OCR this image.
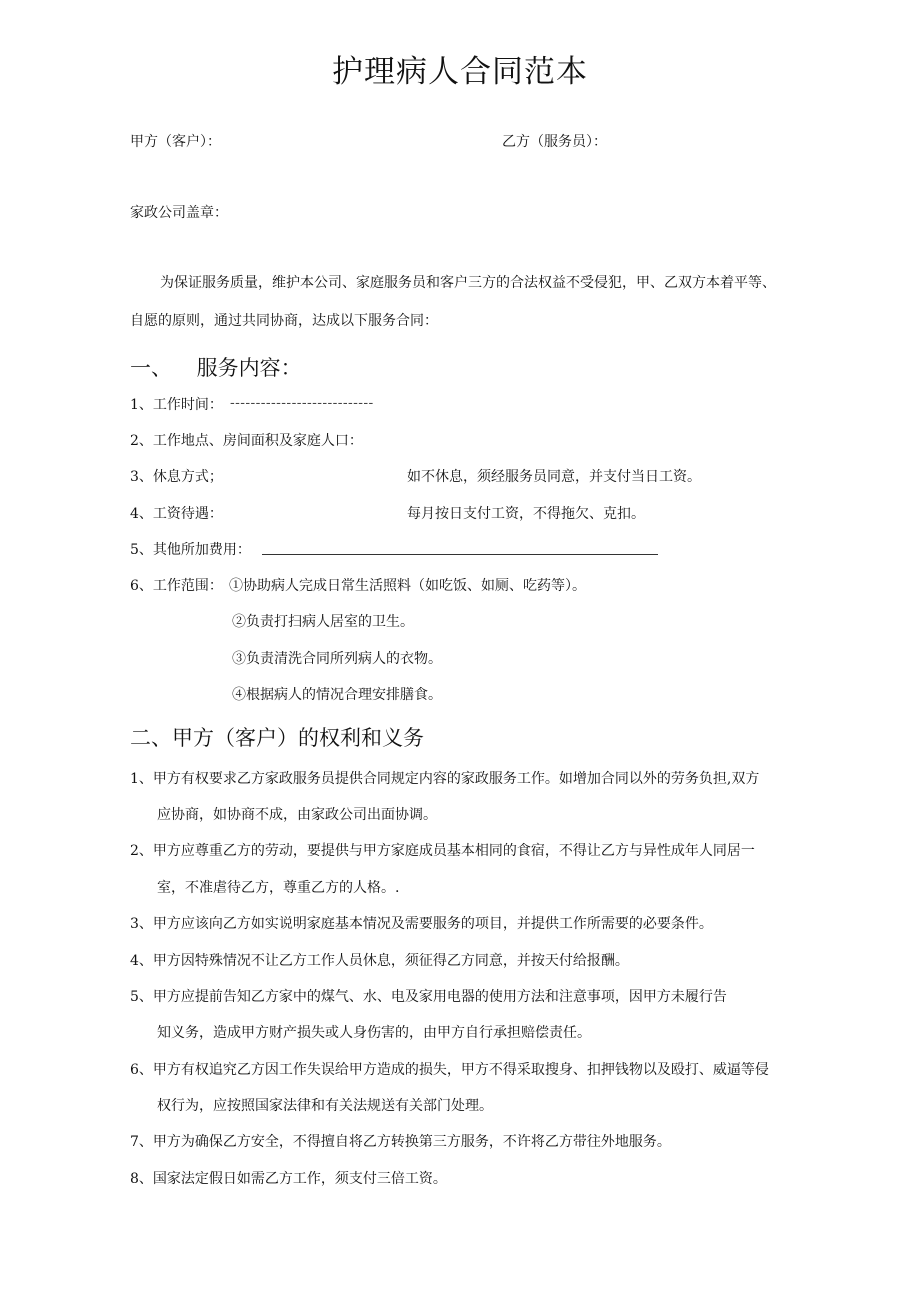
护理病人合同范本
甲方（客户）：	乙方（服务员）：
家政公司盖章：
为保证服务质量，维护本公司、家庭服务员和客户三方的合法权益不受侵犯，甲、乙双方本着平等、
自愿的原则，通过共同协商，达成以下服务合同：
一、 服务内容：
1、工作时间： ----------------------------
2、工作地点、房间面积及家庭人口：
3、休息方式；	如不休息，须经服务员同意，并支付当日工资。
4、工资待遇：	每月按日支付工资，不得拖欠、克扣。
5、其他所加费用：
6、工作范围： ①协助病人完成日常生活照料（如吃饭、如厕、吃药等）。
②负责打扫病人居室的卫生。
③负责清洗合同所列病人的衣物。
④根据病人的情况合理安排膳食。
二、甲方（客户）的权利和义务
1、甲方有权要求乙方家政服务员提供合同规定内容的家政服务工作。如增加合同以外的劳务负担,双方
应协商，如协商不成，由家政公司出面协调。
2、甲方应尊重乙方的劳动，要提供与甲方家庭成员基本相同的食宿，不得让乙方与异性成年人同居一
室，不准虐待乙方，尊重乙方的人格。.
3、甲方应该向乙方如实说明家庭基本情况及需要服务的项目，并提供工作所需要的必要条件。
4、甲方因特殊情况不让乙方工作人员休息，须征得乙方同意，并按天付给报酬。
5、甲方应提前告知乙方家中的煤气、水、电及家用电器的使用方法和注意事项，因甲方未履行告
知义务，造成甲方财产损失或人身伤害的，由甲方自行承担赔偿责任。
6、甲方有权追究乙方因工作失误给甲方造成的损失，甲方不得采取搜身、扣押钱物以及殴打、威逼等侵
权行为，应按照国家法律和有关法规送有关部门处理。
7、甲方为确保乙方安全，不得擅自将乙方转换第三方服务，不许将乙方带往外地服务。
8、国家法定假日如需乙方工作，须支付三倍工资。
